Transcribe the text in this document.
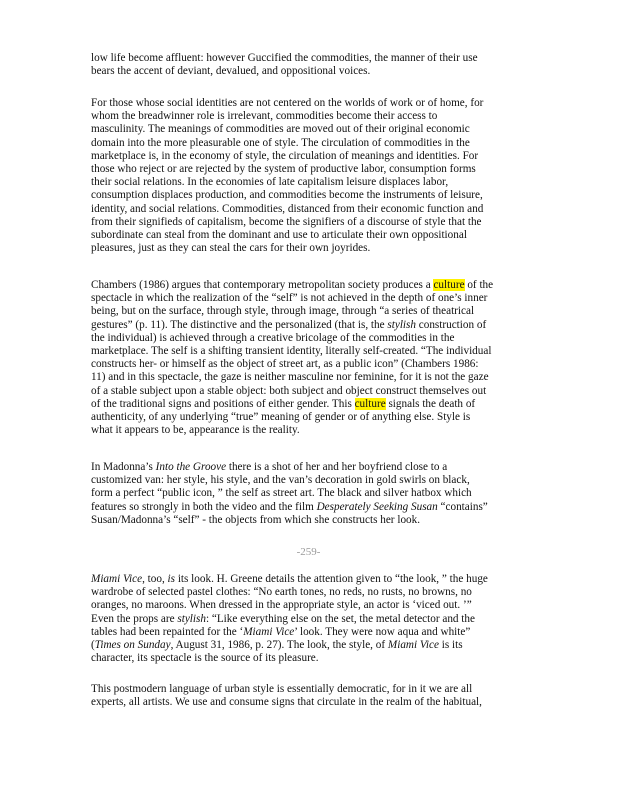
low life become affluent: however Guccified the commodities, the manner of their use
bears the accent of deviant, devalued, and oppositional voices.
For those whose social identities are not centered on the worlds of work or of home, for
whom the breadwinner role is irrelevant, commodities become their access to
masculinity. The meanings of commodities are moved out of their original economic
domain into the more pleasurable one of style. The circulation of commodities in the
marketplace is, in the economy of style, the circulation of meanings and identities. For
those who reject or are rejected by the system of productive labor, consumption forms
their social relations. In the economies of late capitalism leisure displaces labor,
consumption displaces production, and commodities become the instruments of leisure,
identity, and social relations. Commodities, distanced from their economic function and
from their signifieds of capitalism, become the signifiers of a discourse of style that the
subordinate can steal from the dominant and use to articulate their own oppositional
pleasures, just as they can steal the cars for their own joyrides.
Chambers (1986) argues that contemporary metropolitan society produces a culture of the
spectacle in which the realization of the “self” is not achieved in the depth of one’s inner
being, but on the surface, through style, through image, through “a series of theatrical
gestures” (p. 11). The distinctive and the personalized (that is, the stylish construction of
the individual) is achieved through a creative bricolage of the commodities in the
marketplace. The self is a shifting transient identity, literally self-created. “The individual
constructs her- or himself as the object of street art, as a public icon” (Chambers 1986:
11) and in this spectacle, the gaze is neither masculine nor feminine, for it is not the gaze
of a stable subject upon a stable object: both subject and object construct themselves out
of the traditional signs and positions of either gender. This culture signals the death of
authenticity, of any underlying “true” meaning of gender or of anything else. Style is
what it appears to be, appearance is the reality.
In Madonna’s Into the Groove there is a shot of her and her boyfriend close to a
customized van: her style, his style, and the van’s decoration in gold swirls on black,
form a perfect “public icon, ” the self as street art. The black and silver hatbox which
features so strongly in both the video and the film Desperately Seeking Susan “contains”
Susan/Madonna’s “self” - the objects from which she constructs her look.
-259-
Miami Vice, too, is its look. H. Greene details the attention given to “the look, ” the huge
wardrobe of selected pastel clothes: “No earth tones, no reds, no rusts, no browns, no
oranges, no maroons. When dressed in the appropriate style, an actor is ‘viced out. ’”
Even the props are stylish: “Like everything else on the set, the metal detector and the
tables had been repainted for the ‘Miami Vice’ look. They were now aqua and white”
(Times on Sunday, August 31, 1986, p. 27). The look, the style, of Miami Vice is its
character, its spectacle is the source of its pleasure.
This postmodern language of urban style is essentially democratic, for in it we are all
experts, all artists. We use and consume signs that circulate in the realm of the habitual,
